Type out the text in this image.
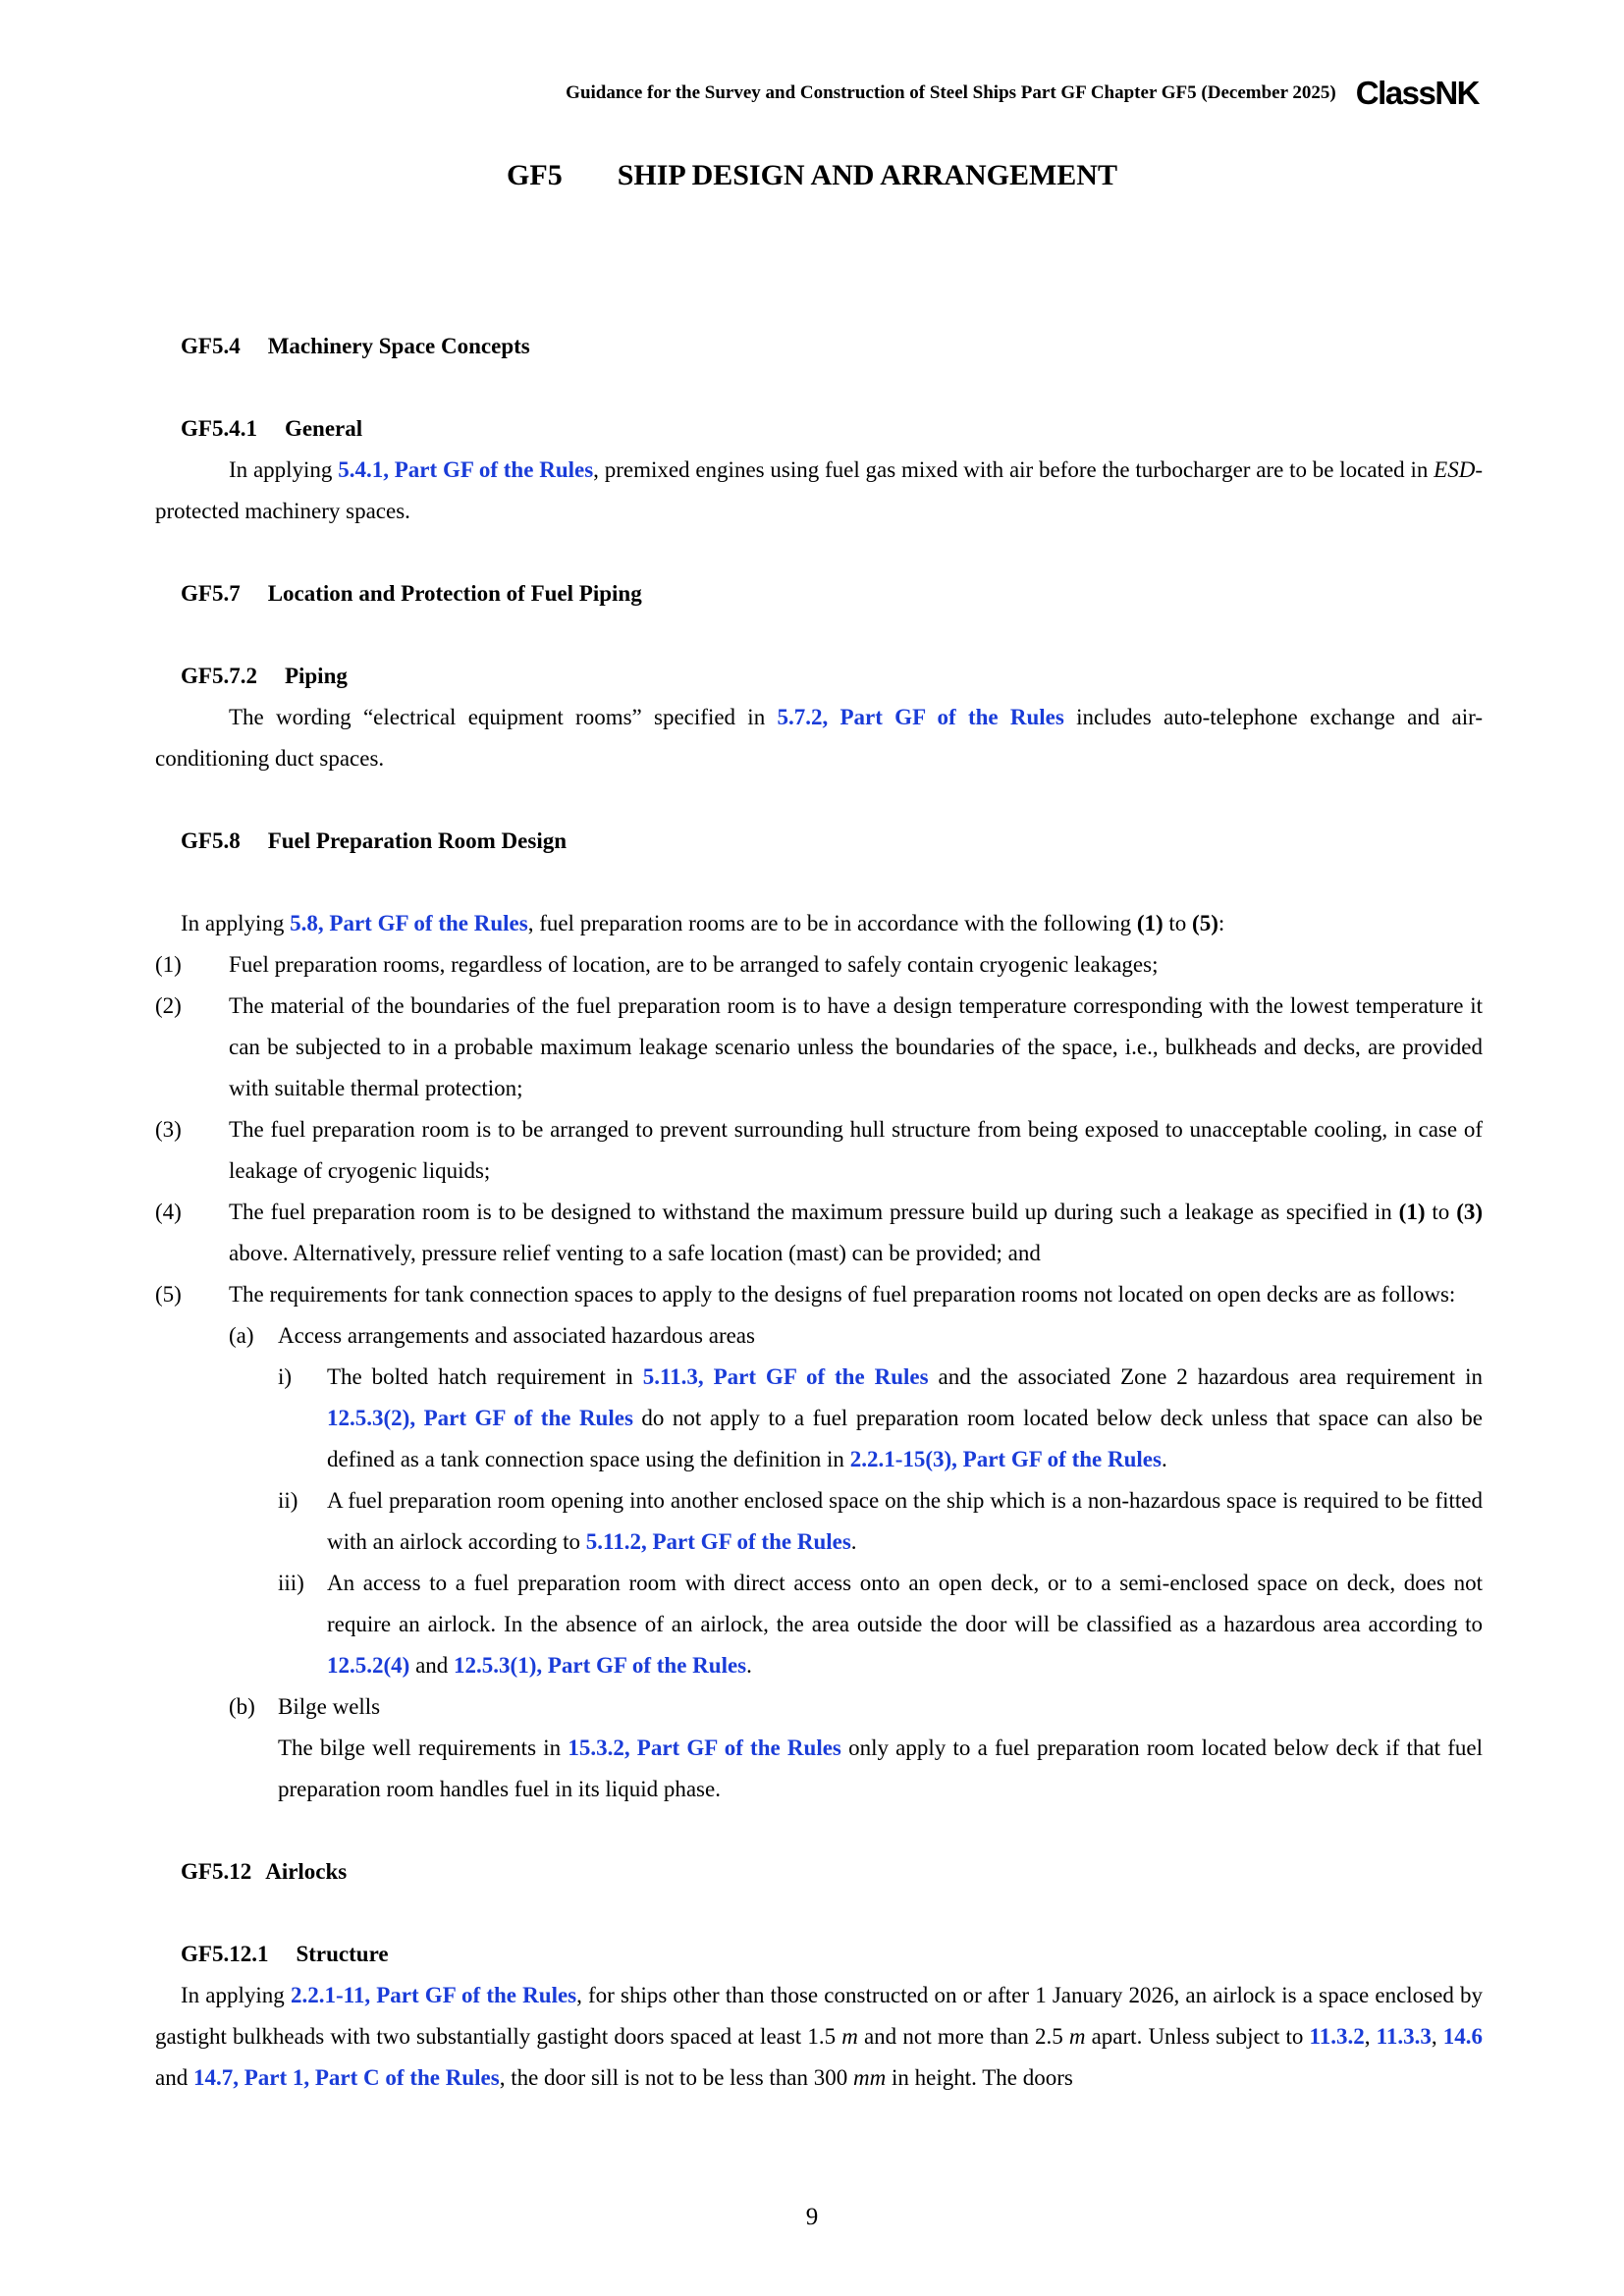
Guidance for the Survey and Construction of Steel Ships Part GF Chapter GF5 (December 2025) ClassNK
GF5 SHIP DESIGN AND ARRANGEMENT

GF5.4 Machinery Space Concepts

GF5.4.1 General

In applying 5.4.1, Part GF of the Rules, premixed engines using fuel gas mixed with air before the turbocharger are to be located in ESD-protected machinery spaces.

GF5.7 Location and Protection of Fuel Piping

GF5.7.2 Piping

The wording “electrical equipment rooms” specified in 5.7.2, Part GF of the Rules includes auto-telephone exchange and air-conditioning duct spaces.

GF5.8 Fuel Preparation Room Design

In applying 5.8, Part GF of the Rules, fuel preparation rooms are to be in accordance with the following (1) to (5):

(1)	Fuel preparation rooms, regardless of location, are to be arranged to safely contain cryogenic leakages;
(2)	The material of the boundaries of the fuel preparation room is to have a design temperature corresponding with the lowest temperature it can be subjected to in a probable maximum leakage scenario unless the boundaries of the space, i.e., bulkheads and decks, are provided with suitable thermal protection;
(3)	The fuel preparation room is to be arranged to prevent surrounding hull structure from being exposed to unacceptable cooling, in case of leakage of cryogenic liquids;
(4)	The fuel preparation room is to be designed to withstand the maximum pressure build up during such a leakage as specified in (1) to (3) above. Alternatively, pressure relief venting to a safe location (mast) can be provided; and
(5)	The requirements for tank connection spaces to apply to the designs of fuel preparation rooms not located on open decks are as follows:
(a)	Access arrangements and associated hazardous areas
i)	The bolted hatch requirement in 5.11.3, Part GF of the Rules and the associated Zone 2 hazardous area requirement in 12.5.3(2), Part GF of the Rules do not apply to a fuel preparation room located below deck unless that space can also be defined as a tank connection space using the definition in 2.2.1-15(3), Part GF of the Rules.
ii)	A fuel preparation room opening into another enclosed space on the ship which is a non-hazardous space is required to be fitted with an airlock according to 5.11.2, Part GF of the Rules.
iii)	An access to a fuel preparation room with direct access onto an open deck, or to a semi-enclosed space on deck, does not require an airlock. In the absence of an airlock, the area outside the door will be classified as a hazardous area according to 12.5.2(4) and 12.5.3(1), Part GF of the Rules.
(b)	Bilge wells

The bilge well requirements in 15.3.2, Part GF of the Rules only apply to a fuel preparation room located below deck if that fuel preparation room handles fuel in its liquid phase.

GF5.12 Airlocks

GF5.12.1 Structure

In applying 2.2.1-11, Part GF of the Rules, for ships other than those constructed on or after 1 January 2026, an airlock is a space enclosed by gastight bulkheads with two substantially gastight doors spaced at least 1.5 m and not more than 2.5 m apart. Unless subject to 11.3.2, 11.3.3, 14.6 and 14.7, Part 1, Part C of the Rules, the door sill is not to be less than 300 mm in height. The doors

9
